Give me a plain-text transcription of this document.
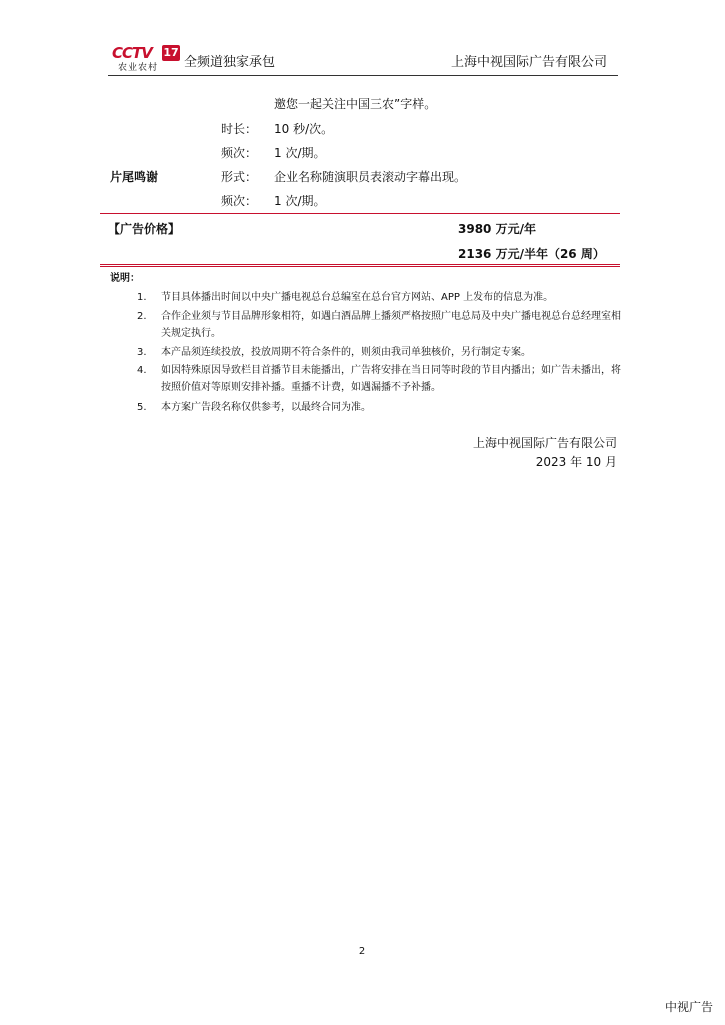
CCTV	17
农业农村	全频道独家承包	上海中视国际广告有限公司
邀您一起关注中国三农”字样。
时长： 10 秒/次。
频次： 1 次/期。
片尾鸣谢	形式： 企业名称随演职员表滚动字幕出现。
频次： 1 次/期。
【广告价格】	3980 万元/年
2136 万元/半年（26 周）
说明：
1. 节目具体播出时间以中央广播电视总台总编室在总台官方网站、APP 上发布的信息为准。
2. 合作企业须与节目品牌形象相符，如遇白酒品牌上播须严格按照广电总局及中央广播电视总台总经理室相关规定执行。
3. 本产品须连续投放，投放周期不符合条件的，则须由我司单独核价，另行制定专案。
4. 如因特殊原因导致栏目首播节目未能播出，广告将安排在当日同等时段的节目内播出；如广告未播出，将按照价值对等原则安排补播。重播不计费，如遇漏播不予补播。
5. 本方案广告段名称仅供参考，以最终合同为准。
上海中视国际广告有限公司
2023 年 10 月
2
中视广告
